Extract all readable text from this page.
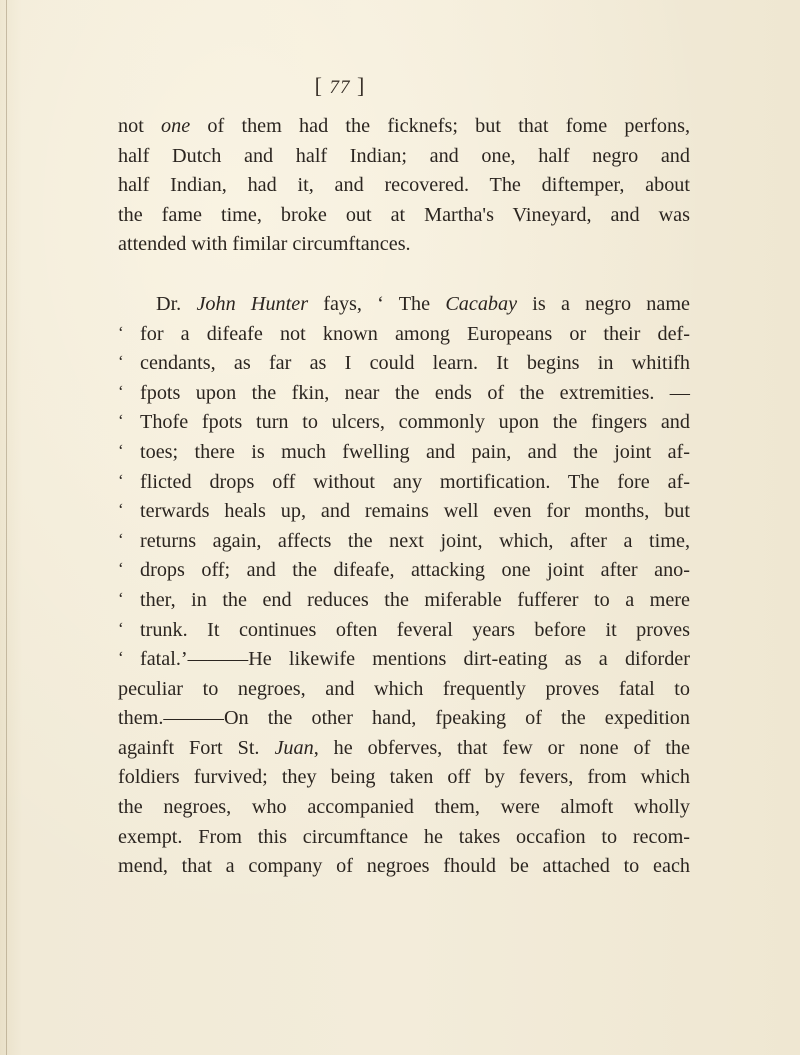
[ 77 ]
not one of them had the ficknefs; but that fome perfons,
half Dutch and half Indian; and one, half negro and
half Indian, had it, and recovered. The diftemper, about
the fame time, broke out at Martha's Vineyard, and was
attended with fimilar circumftances.
Dr. John Hunter fays, ‘ The Cacabay is a negro name
‘ for a difeafe not known among Europeans or their def-
‘ cendants, as far as I could learn. It begins in whitifh
‘ fpots upon the fkin, near the ends of the extremities. —
‘ Thofe fpots turn to ulcers, commonly upon the fingers and
‘ toes; there is much fwelling and pain, and the joint af-
‘ flicted drops off without any mortification. The fore af-
‘ terwards heals up, and remains well even for months, but
‘ returns again, affects the next joint, which, after a time,
‘ drops off; and the difeafe, attacking one joint after ano-
‘ ther, in the end reduces the miferable fufferer to a mere
‘ trunk. It continues often feveral years before it proves
‘ fatal.’———He likewife mentions dirt-eating as a diforder
peculiar to negroes, and which frequently proves fatal to
them.———On the other hand, fpeaking of the expedition
againft Fort St. Juan, he obferves, that few or none of the
foldiers furvived; they being taken off by fevers, from which
the negroes, who accompanied them, were almoft wholly
exempt. From this circumftance he takes occafion to recom-
mend, that a company of negroes fhould be attached to each
